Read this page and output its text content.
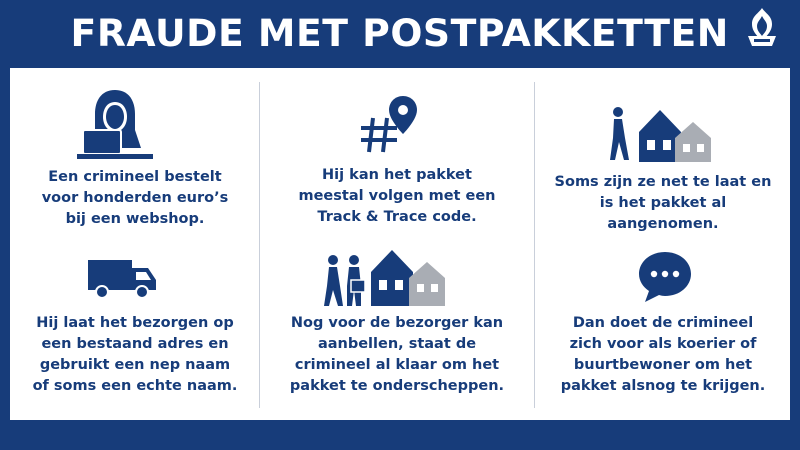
FRAUDE MET POSTPAKKETTEN
Een crimineel bestelt
voor honderden euro’s
bij een webshop.
Hij kan het pakket
meestal volgen met een
Track & Trace code.
Soms zijn ze net te laat en
is het pakket al
aangenomen.
Hij laat het bezorgen op
een bestaand adres en
gebruikt een nep naam
of soms een echte naam.
Nog voor de bezorger kan
aanbellen, staat de
crimineel al klaar om het
pakket te onderscheppen.
Dan doet de crimineel
zich voor als koerier of
buurtbewoner om het
pakket alsnog te krijgen.
